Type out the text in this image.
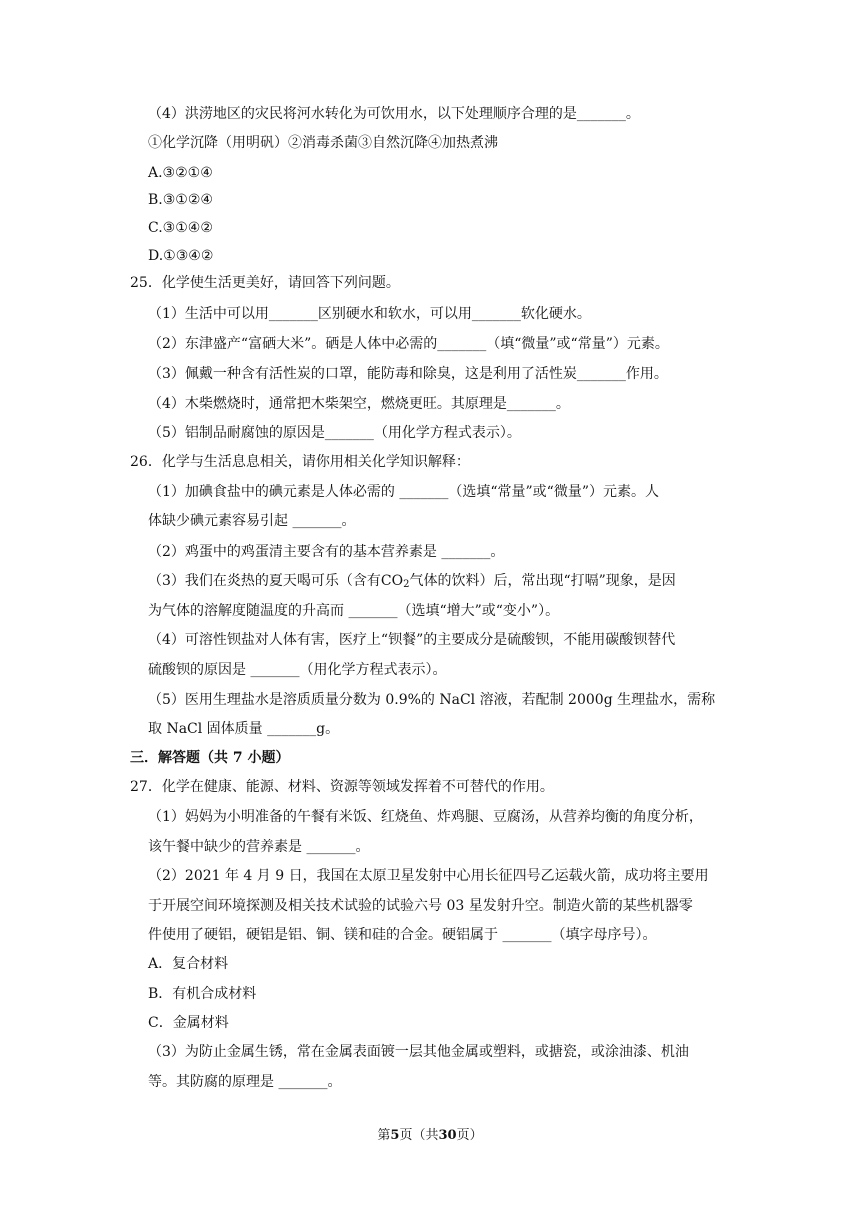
（4）洪涝地区的灾民将河水转化为可饮用水，以下处理顺序合理的是_______。
①化学沉降（用明矾）②消毒杀菌③自然沉降④加热煮沸
A.③②①④
B.③①②④
C.③①④②
D.①③④②
25．化学使生活更美好，请回答下列问题。
（1）生活中可以用_______区别硬水和软水，可以用_______软化硬水。
（2）东津盛产“富硒大米”。硒是人体中必需的_______（填“微量”或“常量”）元素。
（3）佩戴一种含有活性炭的口罩，能防毒和除臭，这是利用了活性炭_______作用。
（4）木柴燃烧时，通常把木柴架空，燃烧更旺。其原理是_______。
（5）铝制品耐腐蚀的原因是_______（用化学方程式表示）。
26．化学与生活息息相关，请你用相关化学知识解释：
（1）加碘食盐中的碘元素是人体必需的 _______（选填“常量”或“微量”）元素。人
体缺少碘元素容易引起 _______。
（2）鸡蛋中的鸡蛋清主要含有的基本营养素是 _______。
（3）我们在炎热的夏天喝可乐（含有$CO_2$气体的饮料）后，常出现“打嗝”现象，是因
为气体的溶解度随温度的升高而 _______（选填“增大”或“变小”）。
（4）可溶性钡盐对人体有害，医疗上“钡餐”的主要成分是硫酸钡，不能用碳酸钡替代
硫酸钡的原因是 _______（用化学方程式表示）。
（5）医用生理盐水是溶质质量分数为 0.9%的 NaCl 溶液，若配制 2000g 生理盐水，需称
取 NaCl 固体质量 _______g。
三．解答题（共 7 小题）
27．化学在健康、能源、材料、资源等领域发挥着不可替代的作用。
（1）妈妈为小明准备的午餐有米饭、红烧鱼、炸鸡腿、豆腐汤，从营养均衡的角度分析，
该午餐中缺少的营养素是 _______。
（2）2021 年 4 月 9 日，我国在太原卫星发射中心用长征四号乙运载火箭，成功将主要用
于开展空间环境探测及相关技术试验的试验六号 03 星发射升空。制造火箭的某些机器零
件使用了硬铝，硬铝是铝、铜、镁和硅的合金。硬铝属于 _______（填字母序号）。
A．复合材料
B．有机合成材料
C．金属材料
（3）为防止金属生锈，常在金属表面镀一层其他金属或塑料，或搪瓷，或涂油漆、机油
等。其防腐的原理是 _______。
第5页（共30页）
